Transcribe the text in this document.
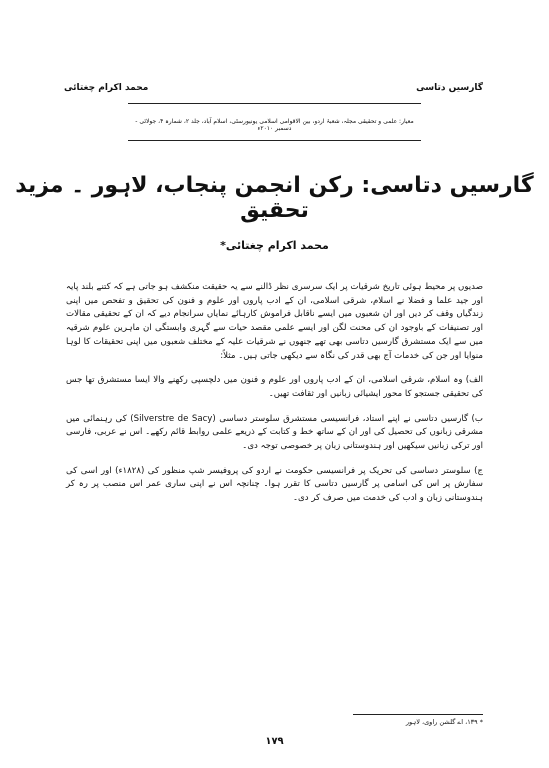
محمد اکرام چغتائی	گارسیں دتاسی
معیار: علمی و تحقیقی مجلہ، شعبۂ اردو، بین الاقوامی اسلامی یونیورسٹی، اسلام آباد، جلد ۲، شمارہ ۴، جولائی - دسمبر ۲۰۱۰ء
گارسیں دتاسی: رکن انجمن پنجاب، لاہور ۔ مزید تحقیق
محمد اکرام چغتائی*

صدیوں پر محیط ہوئی تاریخ شرقیات پر ایک سرسری نظر ڈالنے سے یہ حقیقت منکشف ہو جاتی ہے کہ کتنے بلند پایہ اور جید علما و فضلا نے اسلام، شرقی اسلامی، ان کے ادب پاروں اور علوم و فنون کی تحقیق و تفحص میں اپنی زندگیاں وقف کر دیں اور ان شعبوں میں ایسے ناقابل فراموش کارہائے نمایاں سرانجام دیے کہ ان کے تحقیقی مقالات اور تصنیفات کے باوجود ان کی محنت لگن اور ایسے علمی مقصد حیات سے گہری وابستگی ان ماہرین علوم شرقیہ میں سے ایک مستشرق گارسیں دتاسی بھی تھے جنھوں نے شرقیات علیہ کے مختلف شعبوں میں اپنی تحقیقات کا لوہا منوایا اور جن کی خدمات آج بھی قدر کی نگاہ سے دیکھی جاتی ہیں۔ مثلاً:

الف) وہ اسلام، شرقی اسلامی، ان کے ادب پاروں اور علوم و فنون میں دلچسپی رکھنے والا ایسا مستشرق تھا جس کی تحقیقی جستجو کا محور ایشیائی زبانیں اور ثقافت تھیں۔

ب) گارسیں دتاسی نے اپنے استاد، فرانسیسی مستشرق سلوستر دساسی (Silverstre de Sacy) کی رہنمائی میں مشرقی زبانوں کی تحصیل کی اور ان کے ساتھ خط و کتابت کے ذریعے علمی روابط قائم رکھے۔ اس نے عربی، فارسی اور ترکی زبانیں سیکھیں اور ہندوستانی زبان پر خصوصی توجہ دی۔

ج) سلوستر دساسی کی تحریک پر فرانسیسی حکومت نے اردو کی پروفیسر شپ منظور کی (۱۸۲۸ء) اور اسی کی سفارش پر اس کی اسامی پر گارسیں دتاسی کا تقرر ہوا۔ چنانچہ اس نے اپنی ساری عمر اس منصب پر رہ کر ہندوستانی زبان و ادب کی خدمت میں صرف کر دی۔

* ۱۳۹، اے گلشن راوی، لاہور
۱۷۹
